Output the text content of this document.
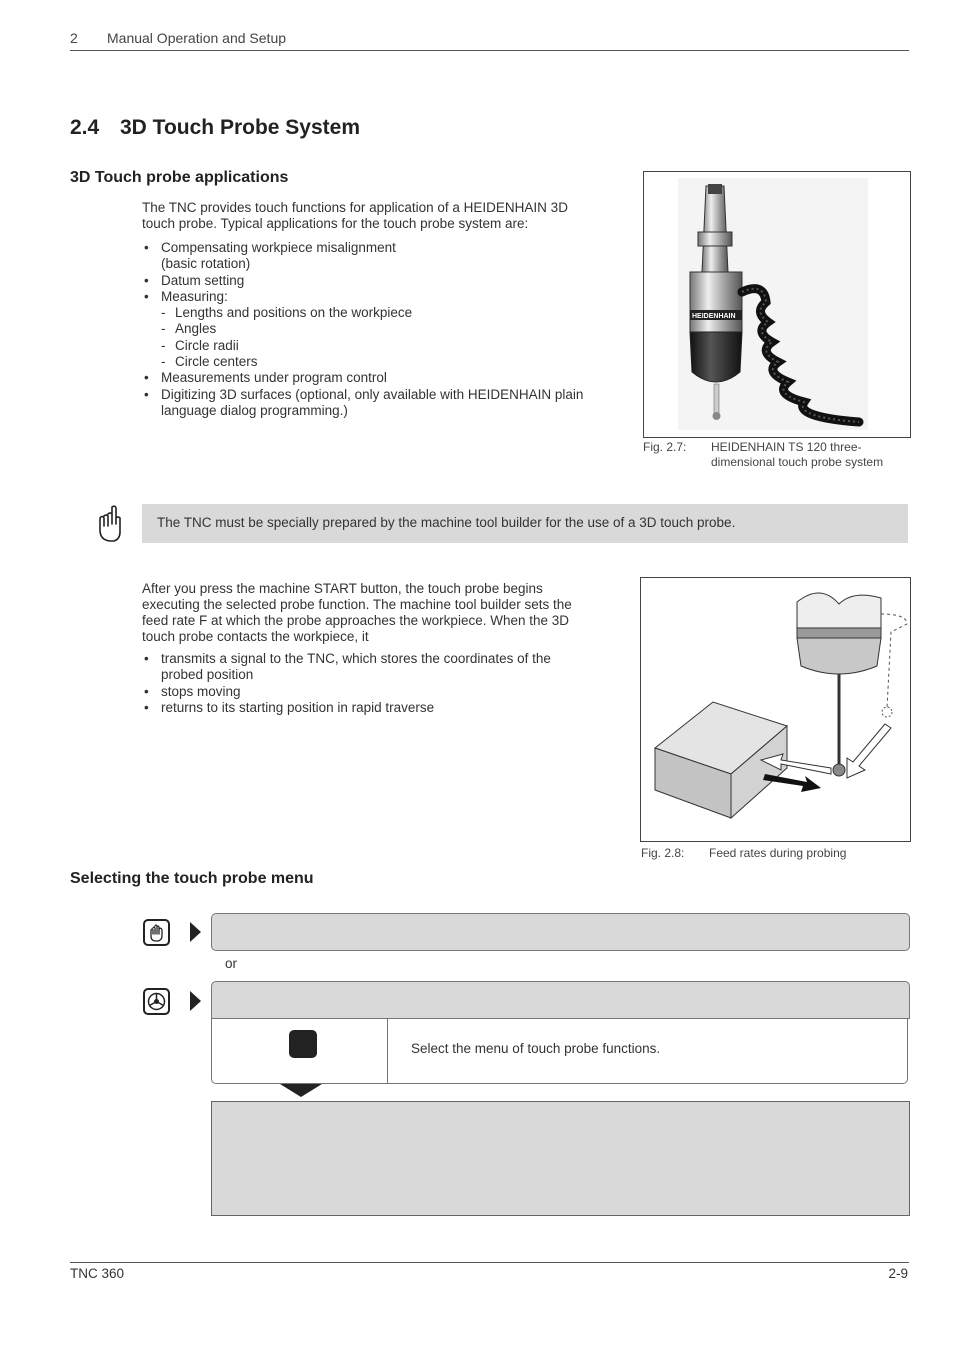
2 Manual Operation and Setup
2.4 3D Touch Probe System
3D Touch probe applications

The TNC provides touch functions for application of a HEIDENHAIN 3D
touch probe. Typical applications for the touch probe system are:

• Compensating workpiece misalignment
(basic rotation)
• Datum setting
• Measuring:
- Lengths and positions on the workpiece
- Angles
- Circle radii
- Circle centers
• Measurements under program control
• Digitizing 3D surfaces (optional, only available with HEIDENHAIN plain
language dialog programming.)
HEIDENHAIN
Fig. 2.7: HEIDENHAIN TS 120 three-
dimensional touch probe system
The TNC must be specially prepared by the machine tool builder for the use of a 3D touch probe.

After you press the machine START button, the touch probe begins
executing the selected probe function. The machine tool builder sets the
feed rate F at which the probe approaches the workpiece. When the 3D
touch probe contacts the workpiece, it

• transmits a signal to the TNC, which stores the coordinates of the
probed position
• stops moving
• returns to its starting position in rapid traverse
Fig. 2.8: Feed rates during probing
Selecting the touch probe menu
or
Select the menu of touch probe functions.
TNC 360	2-9
